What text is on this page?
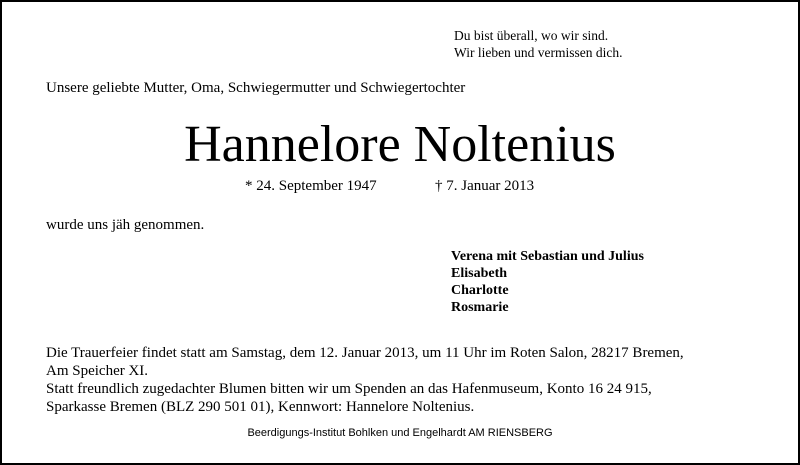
Du bist überall, wo wir sind.
Wir lieben und vermissen dich.
Unsere geliebte Mutter, Oma, Schwiegermutter und Schwiegertochter
Hannelore Noltenius
* 24. September 1947	† 7. Januar 2013
wurde uns jäh genommen.
Verena mit Sebastian und Julius
Elisabeth
Charlotte
Rosmarie
Die Trauerfeier findet statt am Samstag, dem 12. Januar 2013, um 11 Uhr im Roten Salon, 28217 Bremen,
Am Speicher XI.
Statt freundlich zugedachter Blumen bitten wir um Spenden an das Hafenmuseum, Konto 16 24 915,
Sparkasse Bremen (BLZ 290 501 01), Kennwort: Hannelore Noltenius.
Beerdigungs-Institut Bohlken und Engelhardt AM RIENSBERG
